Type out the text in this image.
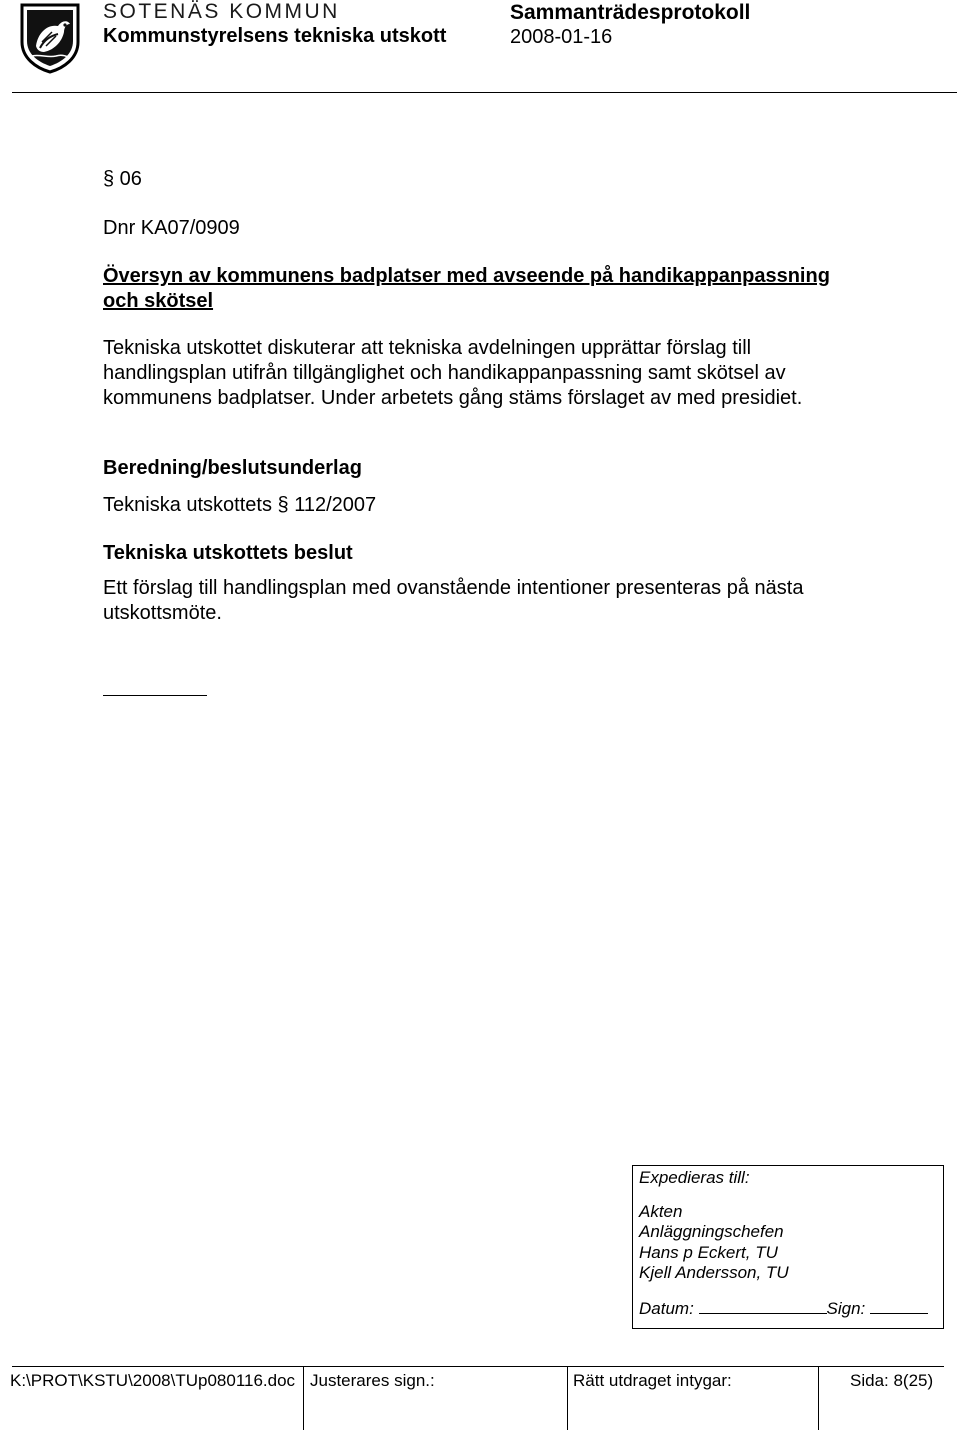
SOTENÄS KOMMUN
Kommunstyrelsens tekniska utskott
Sammanträdesprotokoll
2008-01-16
§ 06
Dnr KA07/0909
Översyn av kommunens badplatser med avseende på handikappanpassning
och skötsel
Tekniska utskottet diskuterar att tekniska avdelningen upprättar förslag till
handlingsplan utifrån tillgänglighet och handikappanpassning samt skötsel av
kommunens badplatser. Under arbetets gång stäms förslaget av med presidiet.
Beredning/beslutsunderlag
Tekniska utskottets § 112/2007
Tekniska utskottets beslut
Ett förslag till handlingsplan med ovanstående intentioner presenteras på nästa
utskottsmöte.
Expedieras till:
Akten
Anläggningschefen
Hans p Eckert, TU
Kjell Andersson, TU
Datum:	Sign:
K:\PROT\KSTU\2008\TUp080116.doc Justerares sign.:	Rätt utdraget intygar:	Sida: 8(25)
